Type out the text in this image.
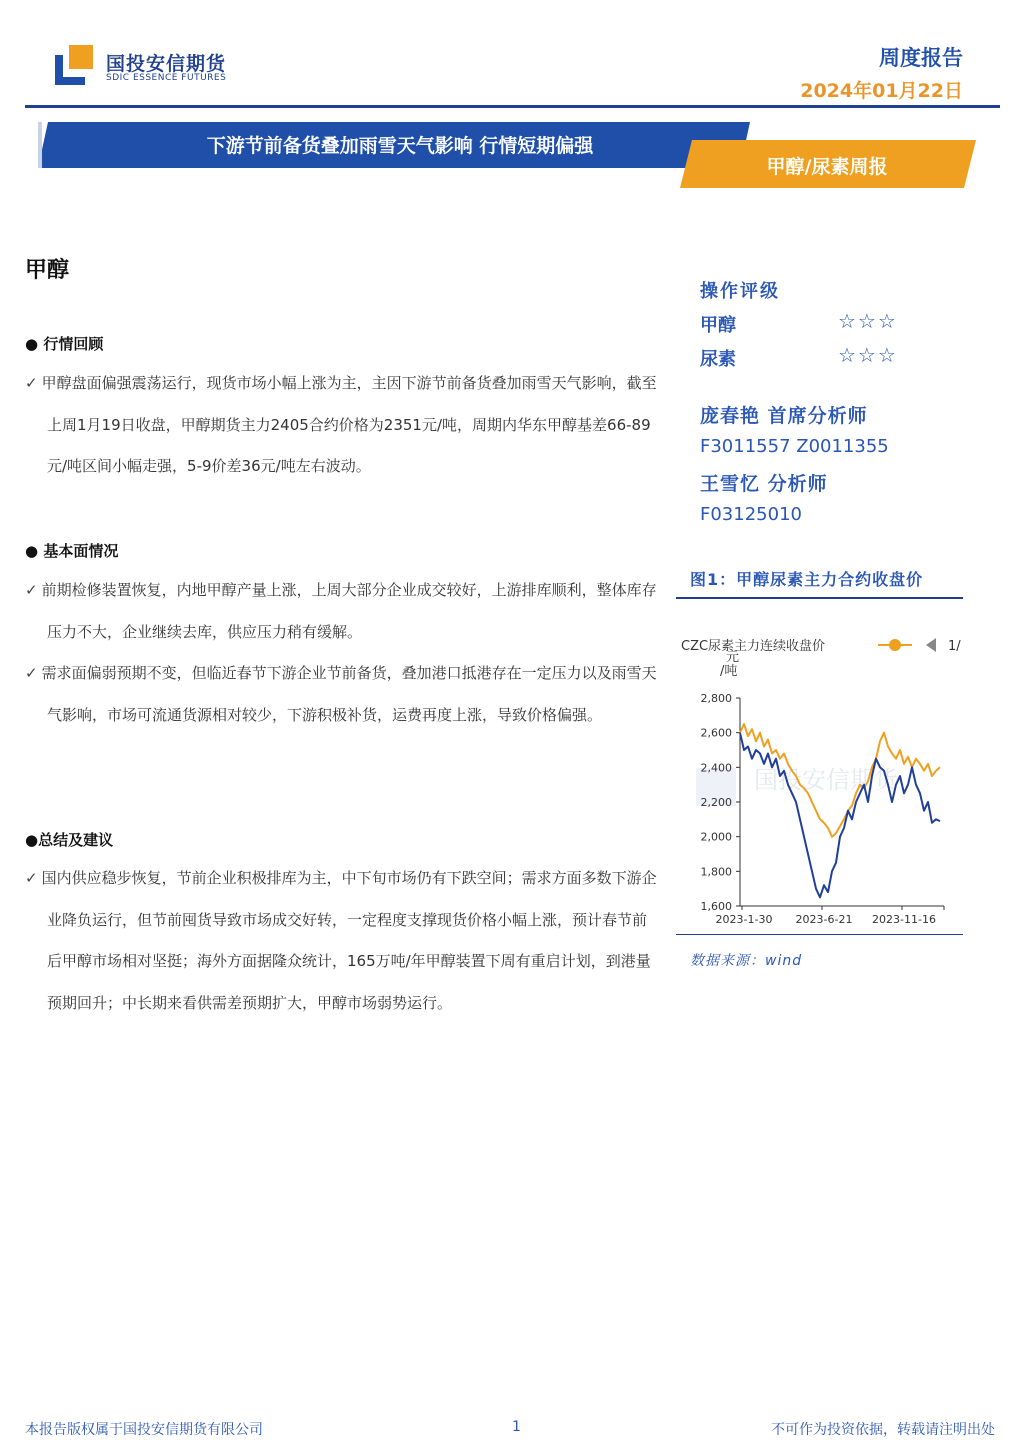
国投安信期货
SDIC ESSENCE FUTURES
周度报告
2024年01月22日
下游节前备货叠加雨雪天气影响 行情短期偏强
甲醇/尿素周报
甲醇
● 行情回顾
✓ 甲醇盘面偏强震荡运行，现货市场小幅上涨为主，主因下游节前备货叠加雨雪天气影响，截至上周1月19日收盘，甲醇期货主力2405合约价格为2351元/吨，周期内华东甲醇基差66-89元/吨区间小幅走强，5-9价差36元/吨左右波动。
● 基本面情况
✓ 前期检修装置恢复，内地甲醇产量上涨，上周大部分企业成交较好，上游排库顺利，整体库存压力不大，企业继续去库，供应压力稍有缓解。
✓ 需求面偏弱预期不变，但临近春节下游企业节前备货，叠加港口抵港存在一定压力以及雨雪天气影响，市场可流通货源相对较少，下游积极补货，运费再度上涨，导致价格偏强。
●总结及建议
✓ 国内供应稳步恢复，节前企业积极排库为主，中下旬市场仍有下跌空间；需求方面多数下游企业降负运行，但节前囤货导致市场成交好转，一定程度支撑现货价格小幅上涨，预计春节前后甲醇市场相对坚挺；海外方面据隆众统计，165万吨/年甲醇装置下周有重启计划，到港量预期回升；中长期来看供需差预期扩大，甲醇市场弱势运行。
操作评级
甲醇	☆☆☆
尿素	☆☆☆
庞春艳 首席分析师
F3011557 Z0011355
王雪忆 分析师
F03125010
图1：甲醇尿素主力合约收盘价
国投安信期货
CZC尿素主力连续收盘价	1/
元
/吨
2,800
2,600
2,400
2,200
2,000
1,800
1,600
2023-1-30 2023-6-21 2023-11-16
数据来源：wind
本报告版权属于国投安信期货有限公司	1	不可作为投资依据，转载请注明出处
